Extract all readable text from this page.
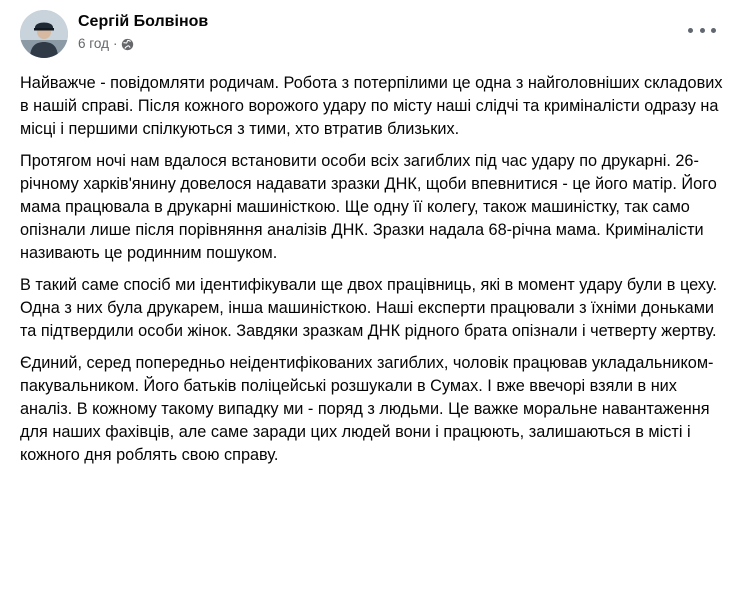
Сергій Болвінов
6 год ·

Найважче - повідомляти родичам. Робота з потерпілими це одна з найголовніших складових в нашій справі. Після кожного ворожого удару по місту наші слідчі та криміналісти одразу на місці і першими спілкуються з тими, хто втратив близьких.

Протягом ночі нам вдалося встановити особи всіх загиблих під час удару по друкарні. 26-річному харків'янину довелося надавати зразки ДНК, щоби впевнитися - це його матір. Його мама працювала в друкарні машиністкою. Ще одну її колегу, також машиністку, так само опізнали лише після порівняння аналізів ДНК. Зразки надала 68-річна мама. Криміналісти називають це родинним пошуком.

В такий саме спосіб ми ідентифікували ще двох працівниць, які в момент удару були в цеху. Одна з них була друкарем, інша машиністкою. Наші експерти працювали з їхніми доньками та підтвердили особи жінок. Завдяки зразкам ДНК рідного брата опізнали і четверту жертву.

Єдиний, серед попередньо неідентифікованих загиблих, чоловік працював укладальником-пакувальником. Його батьків поліцейські розшукали в Сумах. І вже ввечорі взяли в них аналіз. В кожному такому випадку ми - поряд з людьми. Це важке моральне навантаження для наших фахівців, але саме заради цих людей вони і працюють, залишаються в місті і кожного дня роблять свою справу.
